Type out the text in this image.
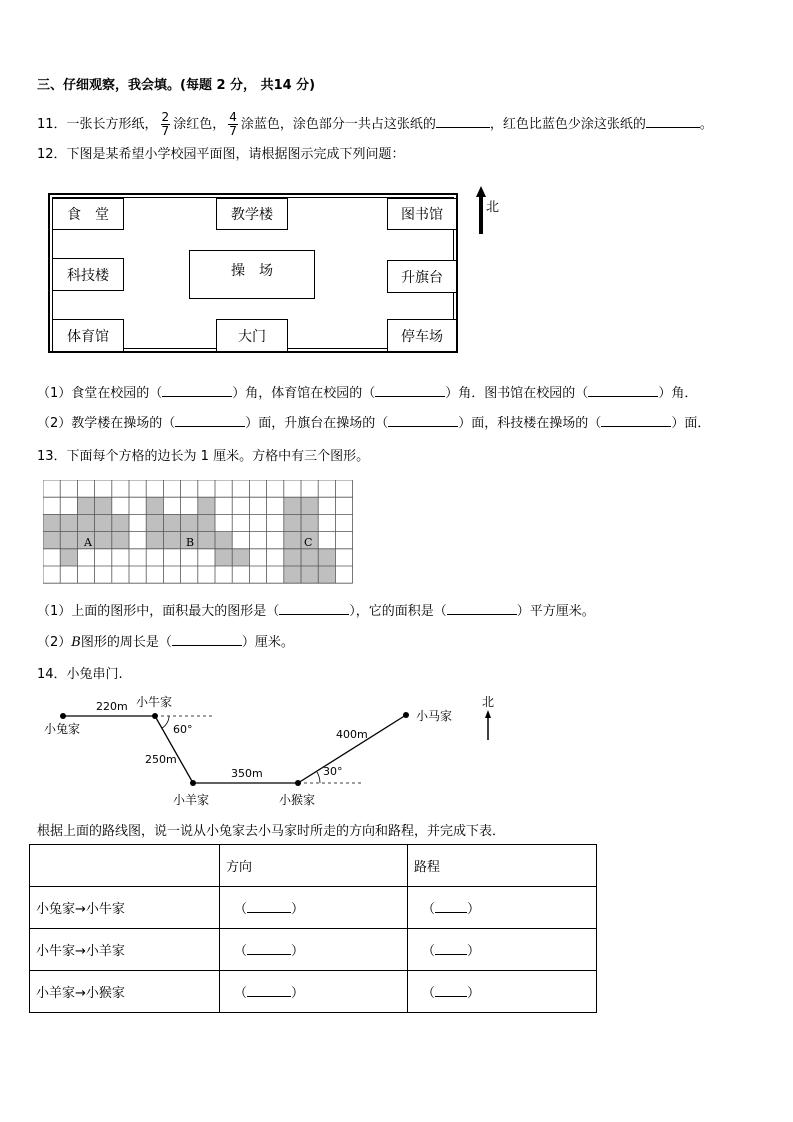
三、仔细观察，我会填。(每题 2 分， 共14 分)
11．一张长方形纸， $\frac{2}{7}$ 涂红色， $\frac{4}{7}$ 涂蓝色，涂色部分一共占这张纸的	，红色比蓝色少涂这张纸的	。
12．下图是某希望小学校园平面图，请根据图示完成下列问题：
食　堂	教学楼	图书馆
科技楼	操　场	升旗台
体育馆	大门	停车场
北
（1）食堂在校园的（	）角，体育馆在校园的（	）角．图书馆在校园的（	）角．
（2）教学楼在操场的（	）面，升旗台在操场的（	）面，科技楼在操场的（	）面．
13．下面每个方格的边长为 1 厘米。方格中有三个图形。
A	B	C
（1）上面的图形中，面积最大的图形是（	），它的面积是（	）平方厘米。
（2）B图形的周长是（	）厘米。
14．小兔串门.
小兔家
小牛家
小羊家	小猴家
小马家
220m
250m
350m
400m
60°
30°
北
根据上面的路线图，说一说从小兔家去小马家时所走的方向和路程，并完成下表．
	方向	路程
小兔家→小牛家	（ ）	（ ）
小牛家→小羊家	（ ）	（ ）
小羊家→小猴家	（ ）	（ ）
